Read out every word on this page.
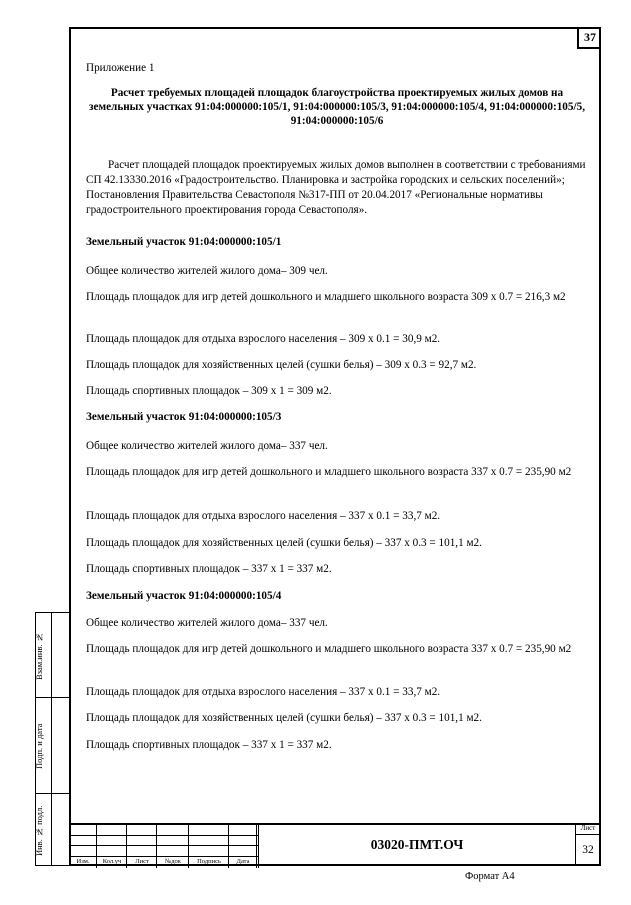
37
Взам.инв. №
Подп. и дата
Инв. № подл.
Приложение 1
Расчет требуемых площадей площадок благоустройства проектируемых жилых домов на земельных участках 91:04:000000:105/1, 91:04:000000:105/3, 91:04:000000:105/4, 91:04:000000:105/5, 91:04:000000:105/6
Расчет площадей площадок проектируемых жилых домов выполнен в соответствии с требованиями СП 42.13330.2016 «Градостроительство. Планировка и застройка городских и сельских поселений»; Постановления Правительства Севастополя №317-ПП от 20.04.2017 «Региональные нормативы градостроительного проектирования города Севастополя».
Земельный участок 91:04:000000:105/1
Общее количество жителей жилого дома– 309 чел.
Площадь площадок для игр детей дошкольного и младшего школьного возраста 309 х 0.7 = 216,3 м2
Площадь площадок для отдыха взрослого населения – 309 х 0.1 = 30,9 м2.
Площадь площадок для хозяйственных целей (сушки белья) – 309 х 0.3 = 92,7 м2.
Площадь спортивных площадок – 309 х 1 = 309 м2.
Земельный участок 91:04:000000:105/3
Общее количество жителей жилого дома– 337 чел.
Площадь площадок для игр детей дошкольного и младшего школьного возраста 337 х 0.7 = 235,90 м2
Площадь площадок для отдыха взрослого населения – 337 х 0.1 = 33,7 м2.
Площадь площадок для хозяйственных целей (сушки белья) – 337 х 0.3 = 101,1 м2.
Площадь спортивных площадок – 337 х 1 = 337 м2.
Земельный участок 91:04:000000:105/4
Общее количество жителей жилого дома– 337 чел.
Площадь площадок для игр детей дошкольного и младшего школьного возраста 337 х 0.7 = 235,90 м2
Площадь площадок для отдыха взрослого населения – 337 х 0.1 = 33,7 м2.
Площадь площадок для хозяйственных целей (сушки белья) – 337 х 0.3 = 101,1 м2.
Площадь спортивных площадок – 337 х 1 = 337 м2.
Изм.	Кол.уч	Лист	№док	Подпись	Дата
03020-ПМТ.ОЧ
Лист
32
Формат А4
